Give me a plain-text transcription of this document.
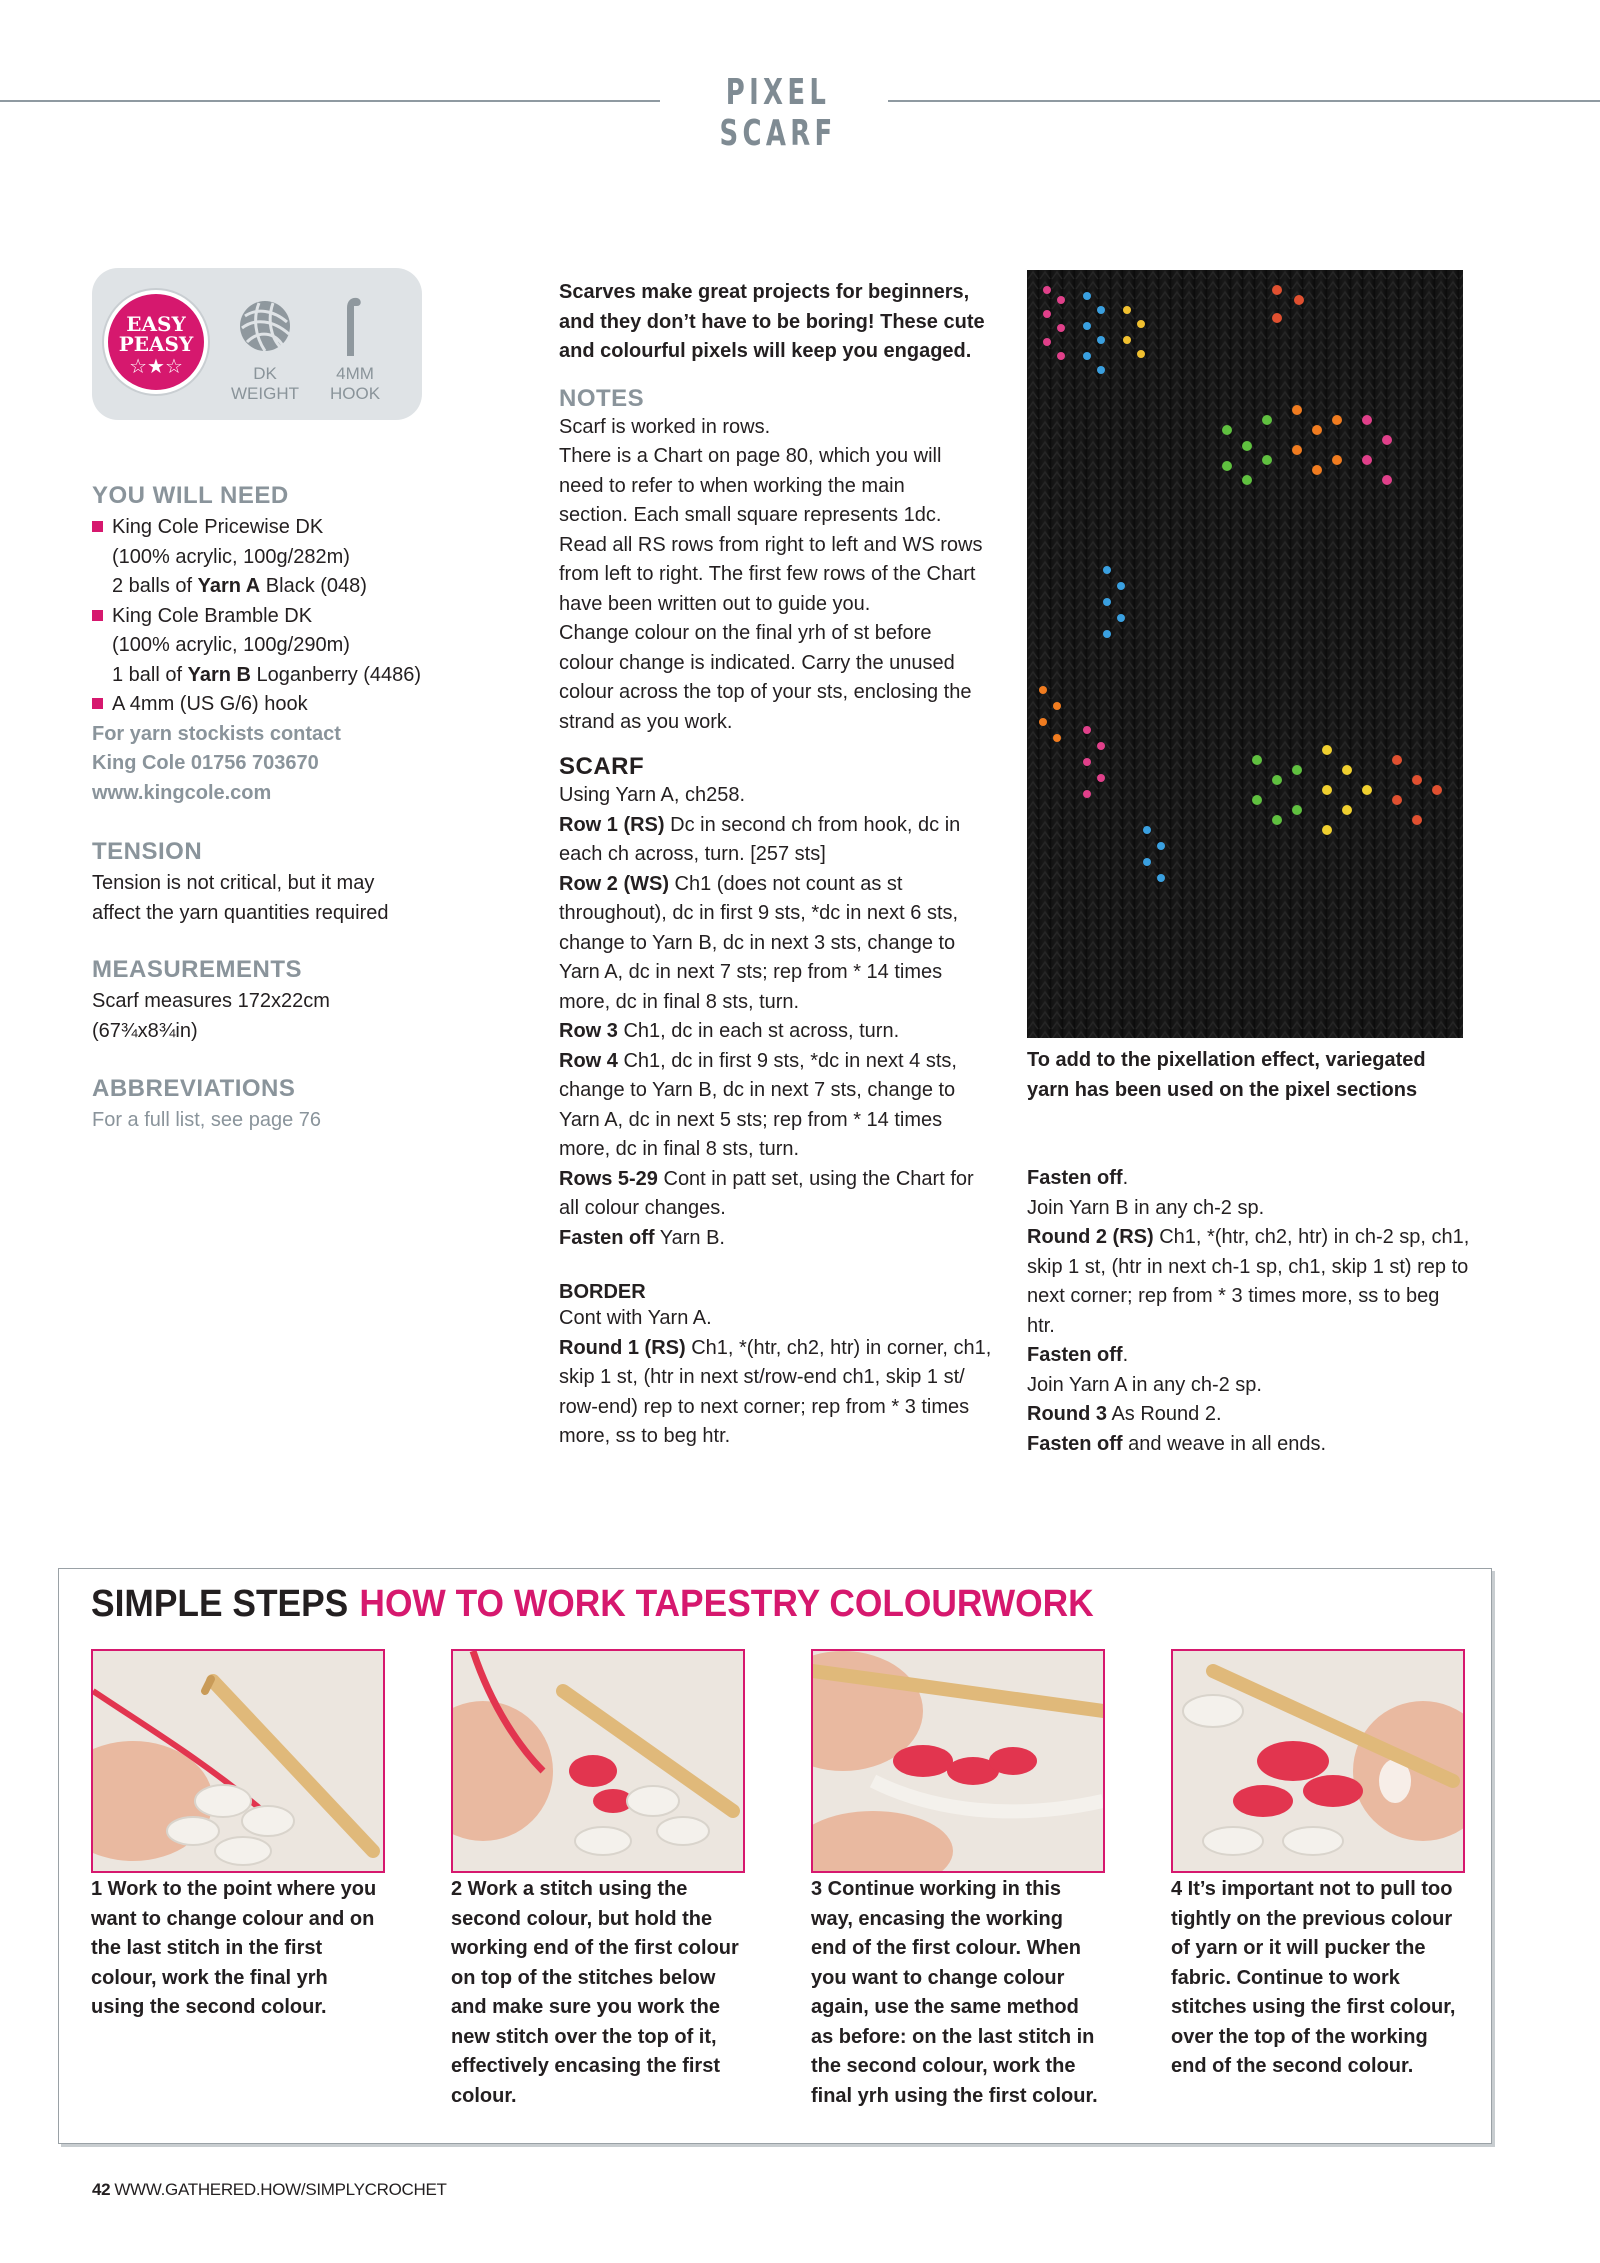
PIXEL SCARF
EASY
PEASY
☆★☆	DK
WEIGHT
4MM
HOOK
YOU WILL NEED
King Cole Pricewise DK
(100% acrylic, 100g/282m)
2 balls of Yarn A Black (048)
King Cole Bramble DK
(100% acrylic, 100g/290m)
1 ball of Yarn B Loganberry (4486)
A 4mm (US G/6) hook
For yarn stockists contact
King Cole 01756 703670
www.kingcole.com
TENSION
Tension is not critical, but it may
affect the yarn quantities required
MEASUREMENTS
Scarf measures 172x22cm
(67¾x8¾in)
ABBREVIATIONS
For a full list, see page 76
Scarves make great projects for beginners,
and they don’t have to be boring! These cute
and colourful pixels will keep you engaged.
NOTES
Scarf is worked in rows.
There is a Chart on page 80, which you will
need to refer to when working the main
section. Each small square represents 1dc.
Read all RS rows from right to left and WS rows
from left to right. The first few rows of the Chart
have been written out to guide you.
Change colour on the final yrh of st before
colour change is indicated. Carry the unused
colour across the top of your sts, enclosing the
strand as you work.
SCARF
Using Yarn A, ch258.
Row 1 (RS) Dc in second ch from hook, dc in
each ch across, turn. [257 sts]
Row 2 (WS) Ch1 (does not count as st
throughout), dc in first 9 sts, *dc in next 6 sts,
change to Yarn B, dc in next 3 sts, change to
Yarn A, dc in next 7 sts; rep from * 14 times
more, dc in final 8 sts, turn.
Row 3 Ch1, dc in each st across, turn.
Row 4 Ch1, dc in first 9 sts, *dc in next 4 sts,
change to Yarn B, dc in next 7 sts, change to
Yarn A, dc in next 5 sts; rep from * 14 times
more, dc in final 8 sts, turn.
Rows 5-29 Cont in patt set, using the Chart for
all colour changes.
Fasten off Yarn B.
BORDER
Cont with Yarn A.
Round 1 (RS) Ch1, *(htr, ch2, htr) in corner, ch1,
skip 1 st, (htr in next st/row-end ch1, skip 1 st/
row-end) rep to next corner; rep from * 3 times
more, ss to beg htr.
To add to the pixellation effect, variegated
yarn has been used on the pixel sections
Fasten off.
Join Yarn B in any ch-2 sp.
Round 2 (RS) Ch1, *(htr, ch2, htr) in ch-2 sp, ch1,
skip 1 st, (htr in next ch-1 sp, ch1, skip 1 st) rep to
next corner; rep from * 3 times more, ss to beg
htr.
Fasten off.
Join Yarn A in any ch-2 sp.
Round 3 As Round 2.
Fasten off and weave in all ends.
SIMPLE STEPS HOW TO WORK TAPESTRY COLOURWORK
1 Work to the point where you
want to change colour and on
the last stitch in the first
colour, work the final yrh
using the second colour.
2 Work a stitch using the
second colour, but hold the
working end of the first colour
on top of the stitches below
and make sure you work the
new stitch over the top of it,
effectively encasing the first
colour.
3 Continue working in this
way, encasing the working
end of the first colour. When
you want to change colour
again, use the same method
as before: on the last stitch in
the second colour, work the
final yrh using the first colour.
4 It’s important not to pull too
tightly on the previous colour
of yarn or it will pucker the
fabric. Continue to work
stitches using the first colour,
over the top of the working
end of the second colour.
42 WWW.GATHERED.HOW/SIMPLYCROCHET
